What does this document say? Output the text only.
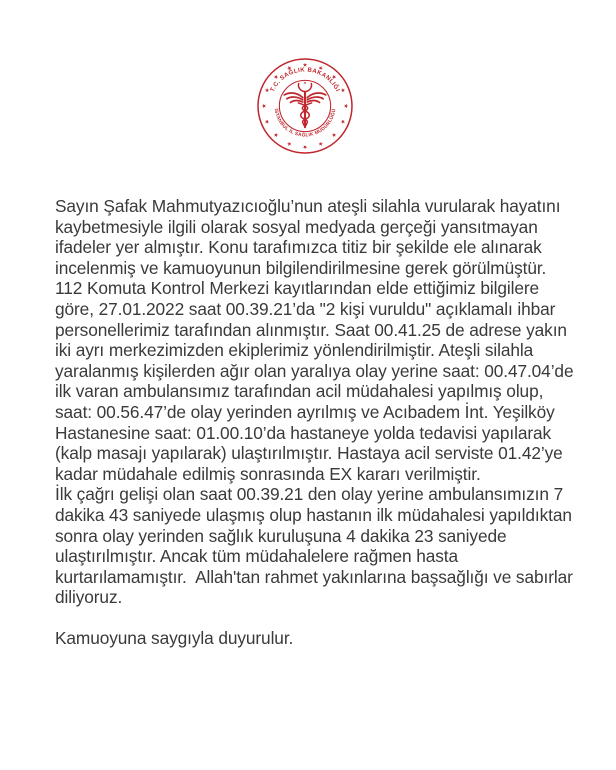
T.C. SAĞLIK BAKANLIĞI
İSTANBUL İL SAĞLIK MÜDÜRLÜĞÜ
Sayın Şafak Mahmutyazıcıoğlu’nun ateşli silahla vurularak hayatını
kaybetmesiyle ilgili olarak sosyal medyada gerçeği yansıtmayan
ifadeler yer almıştır. Konu tarafımızca titiz bir şekilde ele alınarak
incelenmiş ve kamuoyunun bilgilendirilmesine gerek görülmüştür.
112 Komuta Kontrol Merkezi kayıtlarından elde ettiğimiz bilgilere
göre, 27.01.2022 saat 00.39.21’da "2 kişi vuruldu" açıklamalı ihbar
personellerimiz tarafından alınmıştır. Saat 00.41.25 de adrese yakın
iki ayrı merkezimizden ekiplerimiz yönlendirilmiştir. Ateşli silahla
yaralanmış kişilerden ağır olan yaralıya olay yerine saat: 00.47.04’de
ilk varan ambulansımız tarafından acil müdahalesi yapılmış olup,
saat: 00.56.47’de olay yerinden ayrılmış ve Acıbadem İnt. Yeşilköy
Hastanesine saat: 01.00.10’da hastaneye yolda tedavisi yapılarak
(kalp masajı yapılarak) ulaştırılmıştır. Hastaya acil serviste 01.42’ye
kadar müdahale edilmiş sonrasında EX kararı verilmiştir.
İlk çağrı gelişi olan saat 00.39.21 den olay yerine ambulansımızın 7
dakika 43 saniyede ulaşmış olup hastanın ilk müdahalesi yapıldıktan
sonra olay yerinden sağlık kuruluşuna 4 dakika 23 saniyede
ulaştırılmıştır. Ancak tüm müdahalelere rağmen hasta
kurtarılamamıştır.  Allah'tan rahmet yakınlarına başsağlığı ve sabırlar
diliyoruz.
Kamuoyuna saygıyla duyurulur.
